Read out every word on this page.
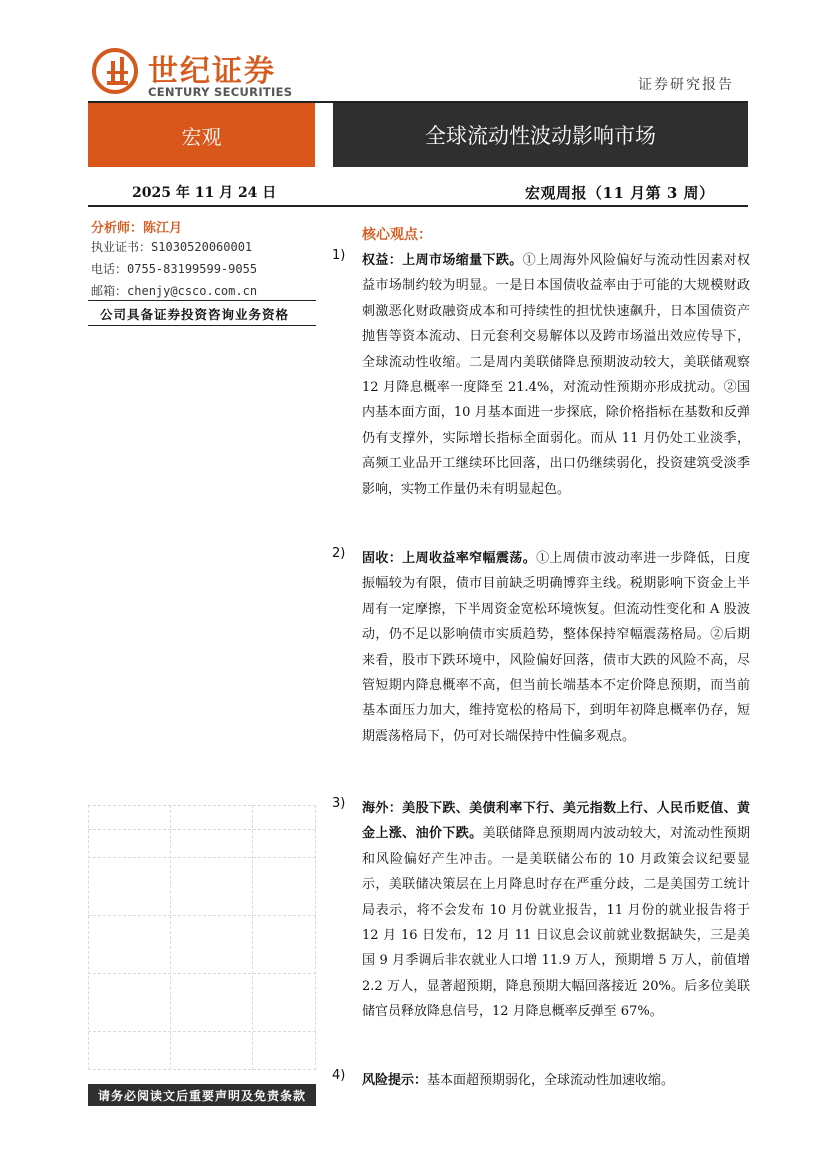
世纪证券
CENTURY SECURITIES	证券研究报告
宏观	全球流动性波动影响市场
2025 年 11 月 24 日	宏观周报（11 月第 3 周）
分析师：陈江月
执业证书：S1030520060001
电话：0755-83199599-9055
邮箱：chenjy@csco.com.cn
公司具备证券投资咨询业务资格
请务必阅读文后重要声明及免责条款
核心观点：
1) 权益：上周市场缩量下跌。①上周海外风险偏好与流动性因素对权益市场制约较为明显。一是日本国债收益率由于可能的大规模财政刺激恶化财政融资成本和可持续性的担忧快速飙升，日本国债资产抛售等资本流动、日元套利交易解体以及跨市场溢出效应传导下，全球流动性收缩。二是周内美联储降息预期波动较大，美联储观察 12 月降息概率一度降至 21.4%，对流动性预期亦形成扰动。②国内基本面方面，10 月基本面进一步探底，除价格指标在基数和反弹仍有支撑外，实际增长指标全面弱化。而从 11 月仍处工业淡季，高频工业品开工继续环比回落，出口仍继续弱化，投资建筑受淡季影响，实物工作量仍未有明显起色。
2) 固收：上周收益率窄幅震荡。①上周债市波动率进一步降低，日度振幅较为有限，债市目前缺乏明确博弈主线。税期影响下资金上半周有一定摩擦，下半周资金宽松环境恢复。但流动性变化和 A 股波动，仍不足以影响债市实质趋势，整体保持窄幅震荡格局。②后期来看，股市下跌环境中，风险偏好回落，债市大跌的风险不高，尽管短期内降息概率不高，但当前长端基本不定价降息预期，而当前基本面压力加大，维持宽松的格局下，到明年初降息概率仍存，短期震荡格局下，仍可对长端保持中性偏多观点。
3) 海外：美股下跌、美债利率下行、美元指数上行、人民币贬值、黄金上涨、油价下跌。美联储降息预期周内波动较大，对流动性预期和风险偏好产生冲击。一是美联储公布的 10 月政策会议纪要显示，美联储决策层在上月降息时存在严重分歧，二是美国劳工统计局表示，将不会发布 10 月份就业报告，11 月份的就业报告将于 12 月 16 日发布，12 月 11 日议息会议前就业数据缺失，三是美国 9 月季调后非农就业人口增 11.9 万人，预期增 5 万人，前值增 2.2 万人，显著超预期，降息预期大幅回落接近 20%。后多位美联储官员释放降息信号，12 月降息概率反弹至 67%。
4) 风险提示：基本面超预期弱化，全球流动性加速收缩。
